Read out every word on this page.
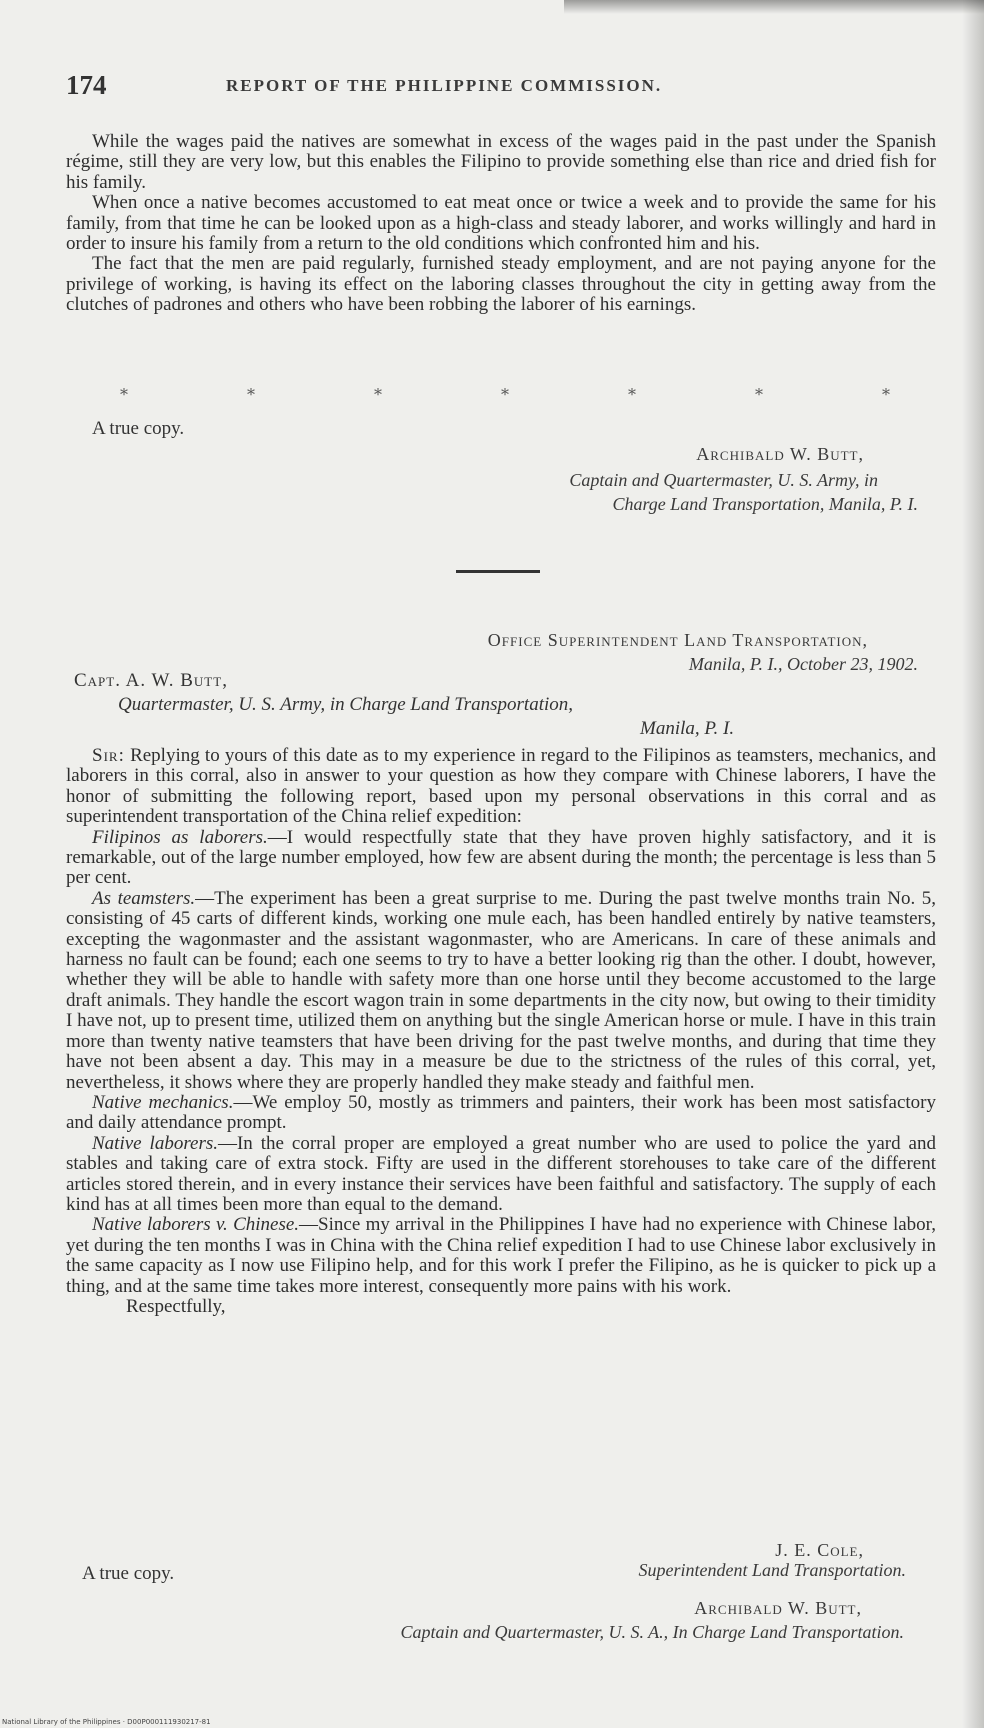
174	REPORT OF THE PHILIPPINE COMMISSION.

While the wages paid the natives are somewhat in excess of the wages paid in the past under the Spanish régime, still they are very low, but this enables the Filipino to provide something else than rice and dried fish for his family.

When once a native becomes accustomed to eat meat once or twice a week and to provide the same for his family, from that time he can be looked upon as a high-class and steady laborer, and works willingly and hard in order to insure his family from a return to the old conditions which confronted him and his.

The fact that the men are paid regularly, furnished steady employment, and are not paying anyone for the privilege of working, is having its effect on the laboring classes throughout the city in getting away from the clutches of padrones and others who have been robbing the laborer of his earnings.

*	*	*	*	*	*	*
A true copy.
Archibald W. Butt,
Captain and Quartermaster, U. S. Army, in
Charge Land Transportation, Manila, P. I.
Office Superintendent Land Transportation,
Manila, P. I., October 23, 1902.
Capt. A. W. Butt,
Quartermaster, U. S. Army, in Charge Land Transportation,
Manila, P. I.

Sir: Replying to yours of this date as to my experience in regard to the Filipinos as teamsters, mechanics, and laborers in this corral, also in answer to your question as how they compare with Chinese laborers, I have the honor of submitting the following report, based upon my personal observations in this corral and as superintendent transportation of the China relief expedition:

Filipinos as laborers.—I would respectfully state that they have proven highly satisfactory, and it is remarkable, out of the large number employed, how few are absent during the month; the percentage is less than 5 per cent.

As teamsters.—The experiment has been a great surprise to me. During the past twelve months train No. 5, consisting of 45 carts of different kinds, working one mule each, has been handled entirely by native teamsters, excepting the wagonmaster and the assistant wagonmaster, who are Americans. In care of these animals and harness no fault can be found; each one seems to try to have a better looking rig than the other. I doubt, however, whether they will be able to handle with safety more than one horse until they become accustomed to the large draft animals. They handle the escort wagon train in some departments in the city now, but owing to their timidity I have not, up to present time, utilized them on anything but the single American horse or mule. I have in this train more than twenty native teamsters that have been driving for the past twelve months, and during that time they have not been absent a day. This may in a measure be due to the strictness of the rules of this corral, yet, nevertheless, it shows where they are properly handled they make steady and faithful men.

Native mechanics.—We employ 50, mostly as trimmers and painters, their work has been most satisfactory and daily attendance prompt.

Native laborers.—In the corral proper are employed a great number who are used to police the yard and stables and taking care of extra stock. Fifty are used in the different storehouses to take care of the different articles stored therein, and in every instance their services have been faithful and satisfactory. The supply of each kind has at all times been more than equal to the demand.

Native laborers v. Chinese.—Since my arrival in the Philippines I have had no experience with Chinese labor, yet during the ten months I was in China with the China relief expedition I had to use Chinese labor exclusively in the same capacity as I now use Filipino help, and for this work I prefer the Filipino, as he is quicker to pick up a thing, and at the same time takes more interest, consequently more pains with his work.

Respectfully,

J. E. Cole,
A true copy.	Superintendent Land Transportation.
Archibald W. Butt,
Captain and Quartermaster, U. S. A., In Charge Land Transportation.
National Library of the Philippines · D00P000111930217-81
